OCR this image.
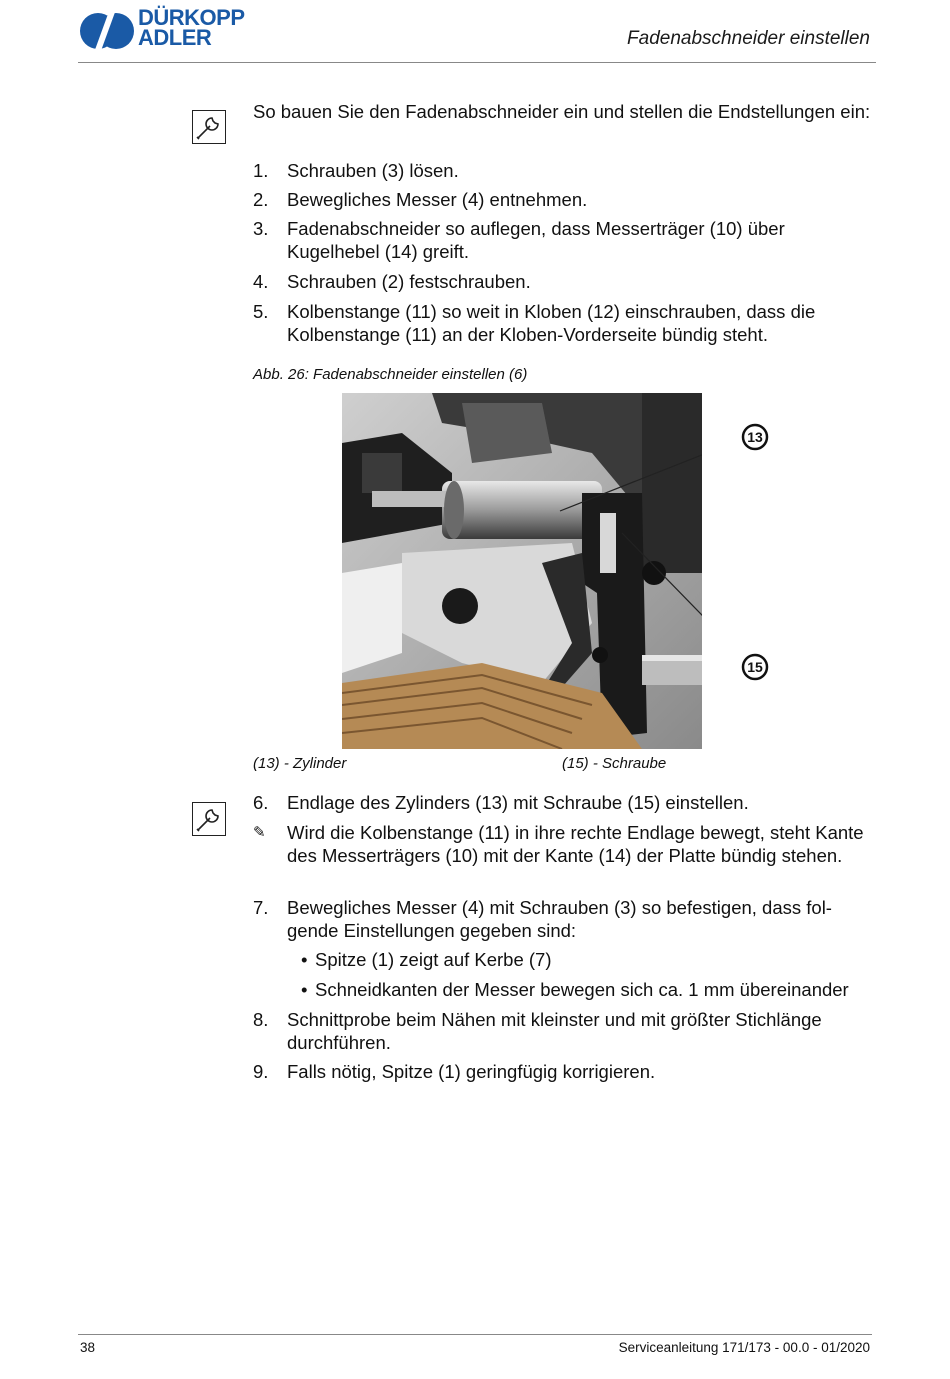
DÜRKOPP
ADLER	Fadenabschneider einstellen
So bauen Sie den Fadenabschneider ein und stellen die Endstellungen ein:
1.	Schrauben (3) lösen.
2.	Bewegliches Messer (4) entnehmen.
3.	Fadenabschneider so auflegen, dass Messerträger (10) über Kugelhebel (14) greift.
4.	Schrauben (2) festschrauben.
5.	Kolbenstange (11) so weit in Kloben (12) einschrauben, dass die Kolbenstange (11) an der Kloben-Vorderseite bündig steht.
Abb. 26: Fadenabschneider einstellen (6)
13
15
(13) - Zylinder	(15) - Schraube
6.	Endlage des Zylinders (13) mit Schraube (15) einstellen.
✎	Wird die Kolbenstange (11) in ihre rechte Endlage bewegt, steht Kante des Messerträgers (10) mit der Kante (14) der Platte bündig stehen.
7.	Bewegliches Messer (4) mit Schrauben (3) so befestigen, dass fol-gende Einstellungen gegeben sind:
• Spitze (1) zeigt auf Kerbe (7)
• Schneidkanten der Messer bewegen sich ca. 1 mm übereinander
8.	Schnittprobe beim Nähen mit kleinster und mit größter Stichlänge durchführen.
9.	Falls nötig, Spitze (1) geringfügig korrigieren.
38	Serviceanleitung 171/173 - 00.0 - 01/2020
